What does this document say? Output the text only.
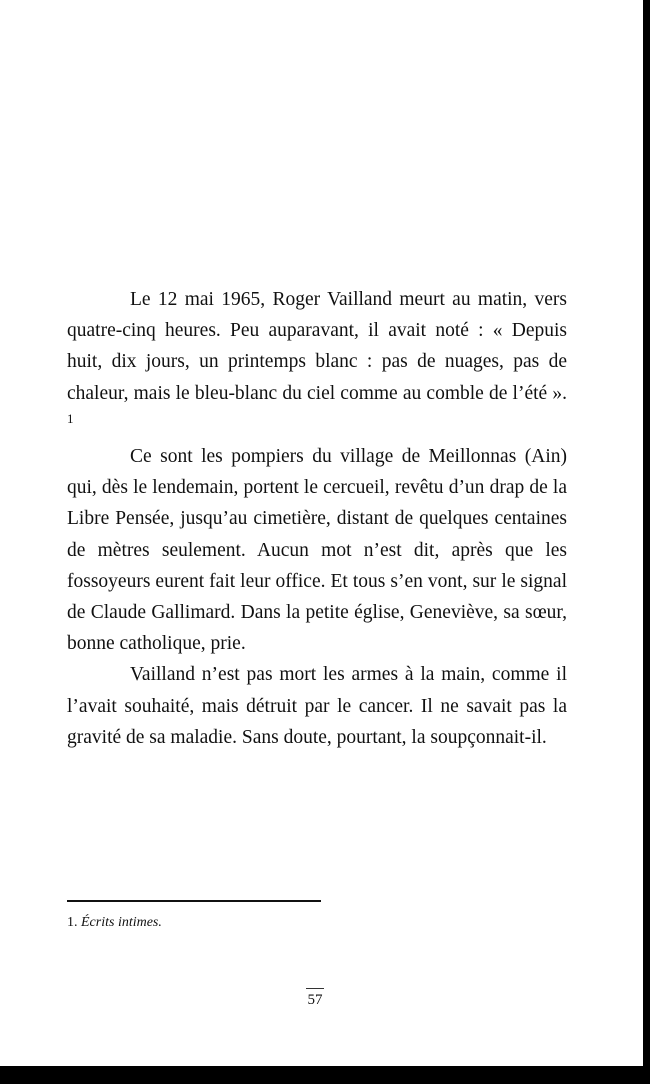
Le 12 mai 1965, Roger Vailland meurt au matin, vers quatre-cinq heures. Peu auparavant, il avait noté : « Depuis huit, dix jours, un printemps blanc : pas de nuages, pas de chaleur, mais le bleu-blanc du ciel comme au comble de l’été ». $^1$

Ce sont les pompiers du village de Meillonnas (Ain) qui, dès le lendemain, portent le cercueil, revêtu d’un drap de la Libre Pensée, jusqu’au cimetière, distant de quelques centaines de mètres seulement. Aucun mot n’est dit, après que les fossoyeurs eurent fait leur office. Et tous s’en vont, sur le signal de Claude Gallimard. Dans la petite église, Geneviève, sa sœur, bonne catholique, prie.

Vailland n’est pas mort les armes à la main, comme il l’avait souhaité, mais détruit par le cancer. Il ne savait pas la gravité de sa maladie. Sans doute, pourtant, la soupçonnait-il.

1. Écrits intimes.
57
